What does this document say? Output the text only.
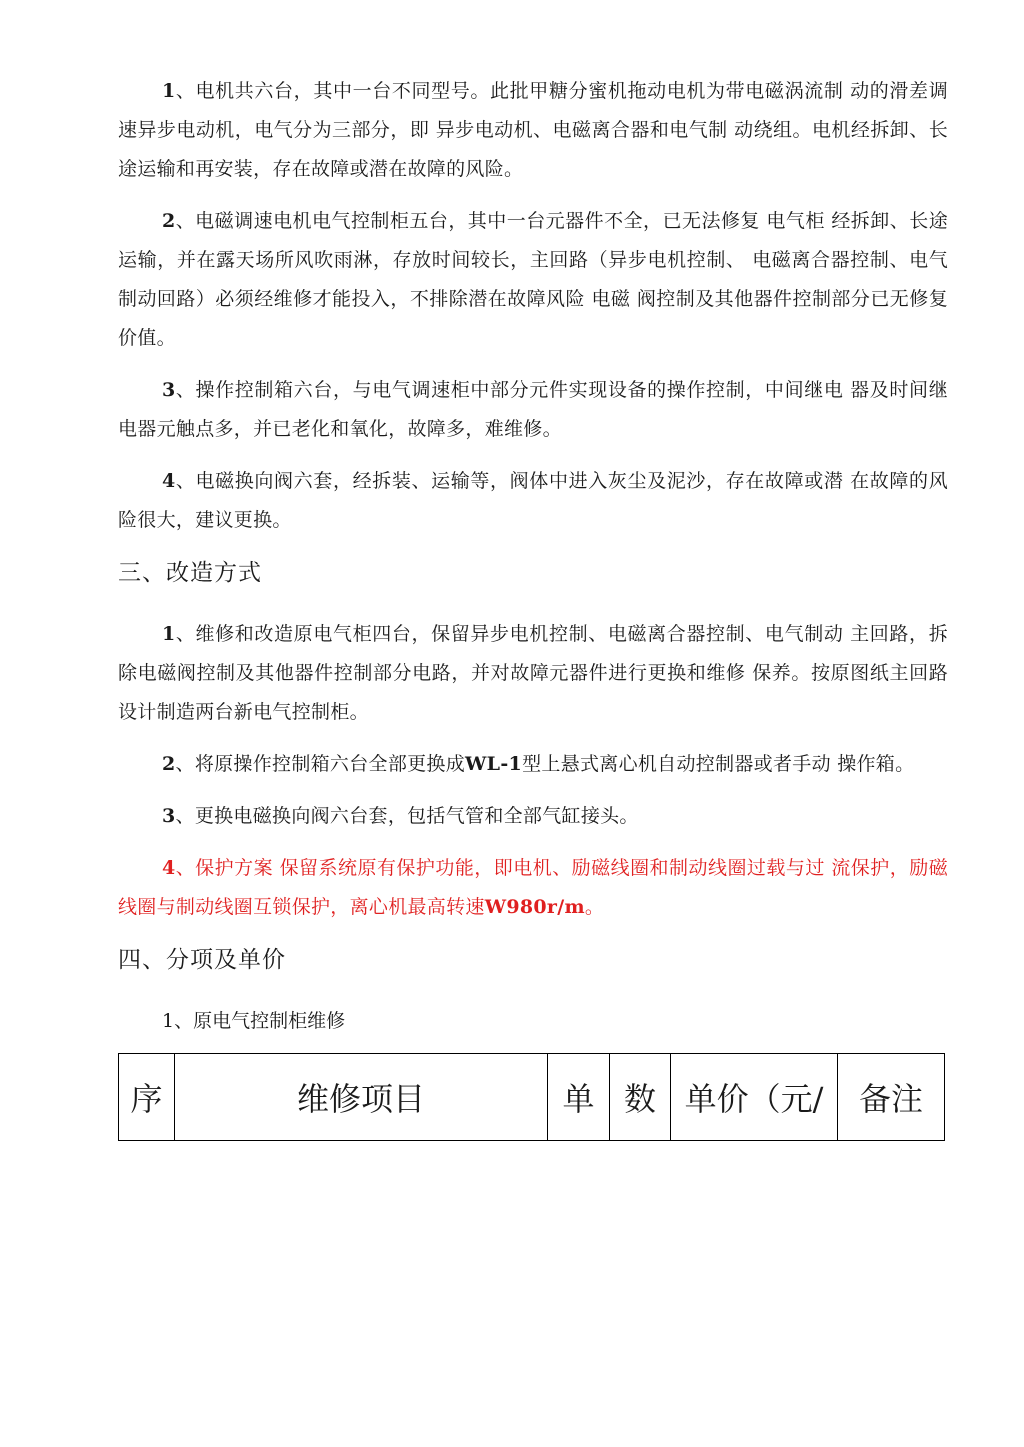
1、电机共六台，其中一台不同型号。此批甲糖分蜜机拖动电机为带电磁涡流制 动的滑差调速异步电动机，电气分为三部分，即 异步电动机、电磁离合器和电气制 动绕组。电机经拆卸、长途运输和再安装，存在故障或潜在故障的风险。

2、电磁调速电机电气控制柜五台，其中一台元器件不全，已无法修复 电气柜 经拆卸、长途运输，并在露天场所风吹雨淋，存放时间较长，主回路（异步电机控制、 电磁离合器控制、电气制动回路）必须经维修才能投入，不排除潜在故障风险 电磁 阀控制及其他器件控制部分已无修复价值。

3、操作控制箱六台，与电气调速柜中部分元件实现设备的操作控制，中间继电 器及时间继电器元触点多，并已老化和氧化，故障多，难维修。

4、电磁换向阀六套，经拆装、运输等，阀体中进入灰尘及泥沙，存在故障或潜 在故障的风险很大，建议更换。

三、改造方式

1、维修和改造原电气柜四台，保留异步电机控制、电磁离合器控制、电气制动 主回路，拆除电磁阀控制及其他器件控制部分电路，并对故障元器件进行更换和维修 保养。按原图纸主回路设计制造两台新电气控制柜。

2、将原操作控制箱六台全部更换成WL-1型上悬式离心机自动控制器或者手动 操作箱。

3、更换电磁换向阀六台套，包括气管和全部气缸接头。

4、保护方案 保留系统原有保护功能，即电机、励磁线圈和制动线圈过载与过 流保护，励磁线圈与制动线圈互锁保护，离心机最高转速W980r/m。

四、分项及单价
1、原电气控制柜维修
序	维修项目	单	数	单价（元/	备注
